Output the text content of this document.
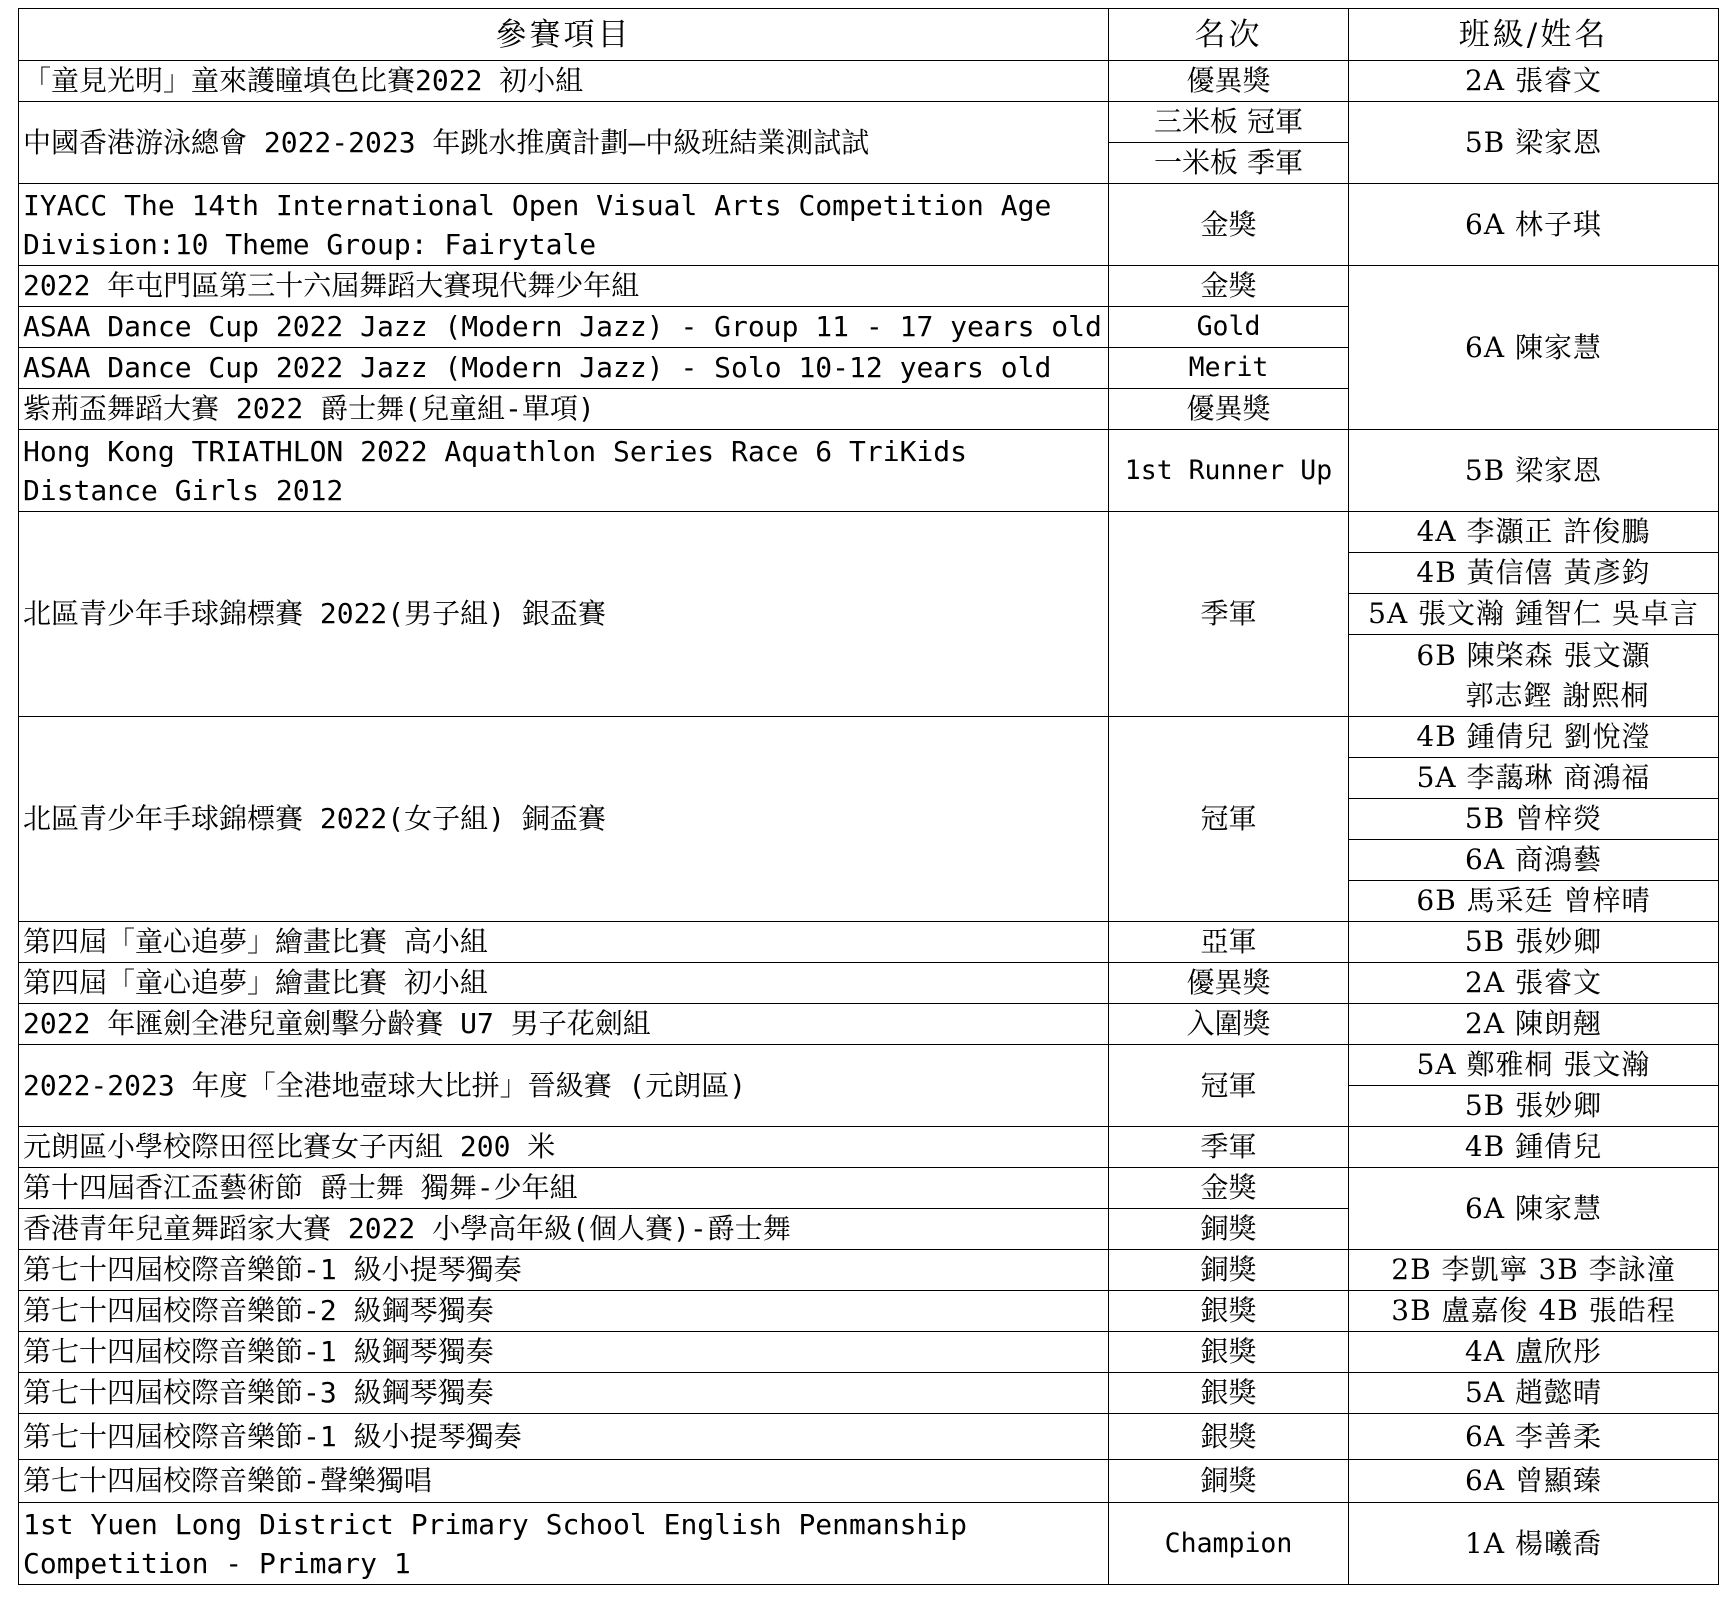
參賽項目	名次	班級/姓名
「童見光明」童來護瞳填色比賽2022 初小組	優異獎	2A 張睿文
中國香港游泳總會 2022-2023 年跳水推廣計劃—中級班結業測試試	三米板 冠軍	5B 梁家恩
	一米板 季軍	
IYACC The 14th International Open Visual Arts Competition Age Division:10 Theme Group: Fairytale	金獎	6A 林子琪
2022 年屯門區第三十六屆舞蹈大賽現代舞少年組	金獎	6A 陳家慧
ASAA Dance Cup 2022 Jazz (Modern Jazz) - Group 11 - 17 years old	Gold	
ASAA Dance Cup 2022 Jazz (Modern Jazz) - Solo 10-12 years old	Merit	
紫荊盃舞蹈大賽 2022 爵士舞(兒童組-單項)	優異獎	
Hong Kong TRIATHLON 2022 Aquathlon Series Race 6 TriKids Distance Girls 2012	1st Runner Up	5B 梁家恩
北區青少年手球錦標賽 2022(男子組) 銀盃賽	季軍	4A 李灝正 許俊鵬
		4B 黃信僖 黃彥鈞
		5A 張文瀚 鍾智仁 吳卓言

		6B 陳棨森 張文灝
郭志鏗 謝熙桐

北區青少年手球錦標賽 2022(女子組) 銅盃賽	冠軍	4B 鍾倩兒 劉悅瀅
		5A 李藹琳 商鴻福
		5B 曾梓熒
		6A 商鴻藝
		6B 馬采廷 曾梓晴
第四屆「童心追夢」繪畫比賽 高小組	亞軍	5B 張妙卿
第四屆「童心追夢」繪畫比賽 初小組	優異獎	2A 張睿文
2022 年匯劍全港兒童劍擊分齡賽 U7 男子花劍組	入圍獎	2A 陳朗翹
2022-2023 年度「全港地壺球大比拼」晉級賽 (元朗區)	冠軍	5A 鄭雅桐 張文瀚
		5B 張妙卿
元朗區小學校際田徑比賽女子丙組 200 米	季軍	4B 鍾倩兒
第十四屆香江盃藝術節 爵士舞 獨舞-少年組	金獎	6A 陳家慧
香港青年兒童舞蹈家大賽 2022 小學高年級(個人賽)-爵士舞	銅獎	
第七十四屆校際音樂節-1 級小提琴獨奏	銅獎	2B 李凱寧 3B 李詠潼
第七十四屆校際音樂節-2 級鋼琴獨奏	銀獎	3B 盧嘉俊 4B 張皓程
第七十四屆校際音樂節-1 級鋼琴獨奏	銀獎	4A 盧欣彤
第七十四屆校際音樂節-3 級鋼琴獨奏	銀獎	5A 趙懿晴
第七十四屆校際音樂節-1 級小提琴獨奏	銀獎	6A 李善柔
第七十四屆校際音樂節-聲樂獨唱	銅獎	6A 曾顯臻
1st Yuen Long District Primary School English Penmanship Competition - Primary 1	Champion	1A 楊曦喬
